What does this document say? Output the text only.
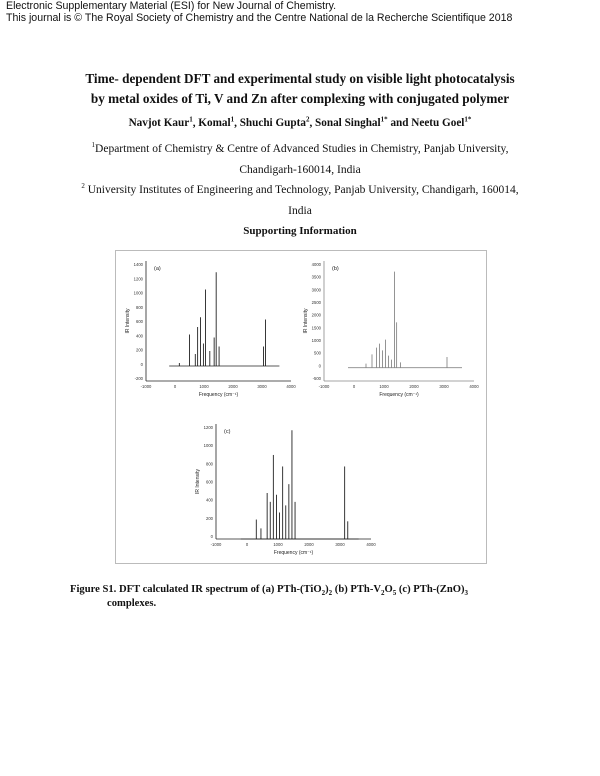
Electronic Supplementary Material (ESI) for New Journal of Chemistry.
This journal is © The Royal Society of Chemistry and the Centre National de la Recherche Scientifique 2018
Time- dependent DFT and experimental study on visible light photocatalysis
by metal oxides of Ti, V and Zn after complexing with conjugated polymer
Navjot Kaur$^1$, Komal$^1$, Shuchi Gupta$^2$, Sonal Singhal$^{1*}$ and Neetu Goel$^{1*}$
$^1$Department of Chemistry & Centre of Advanced Studies in Chemistry, Panjab University,
Chandigarh-160014, India
$^2$ University Institutes of Engineering and Technology, Panjab University, Chandigarh, 160014,
India
Supporting Information
1400
1200
1000
800
600
400
200
0
-200
-1000	0	1000	2000	3000	4000
Frequency (cm⁻¹)
IR Intensity
(a)
4000
3500
3000
2500
2000
1500
1000
500
0
-500
-1000	0	1000	2000	3000	4000
Frequency (cm⁻¹)
IR Intensity
(b)
1200
1000
800
600
400
200
0
-1000	0	1000	2000	3000	4000
Frequency (cm⁻¹)
IR Intensity
(c)
Figure S1. DFT calculated IR spectrum of (a) PTh-$(TiO_2)_2$ (b) PTh-$V_2O_5$ (c) PTh-$(ZnO)_3$
complexes.
